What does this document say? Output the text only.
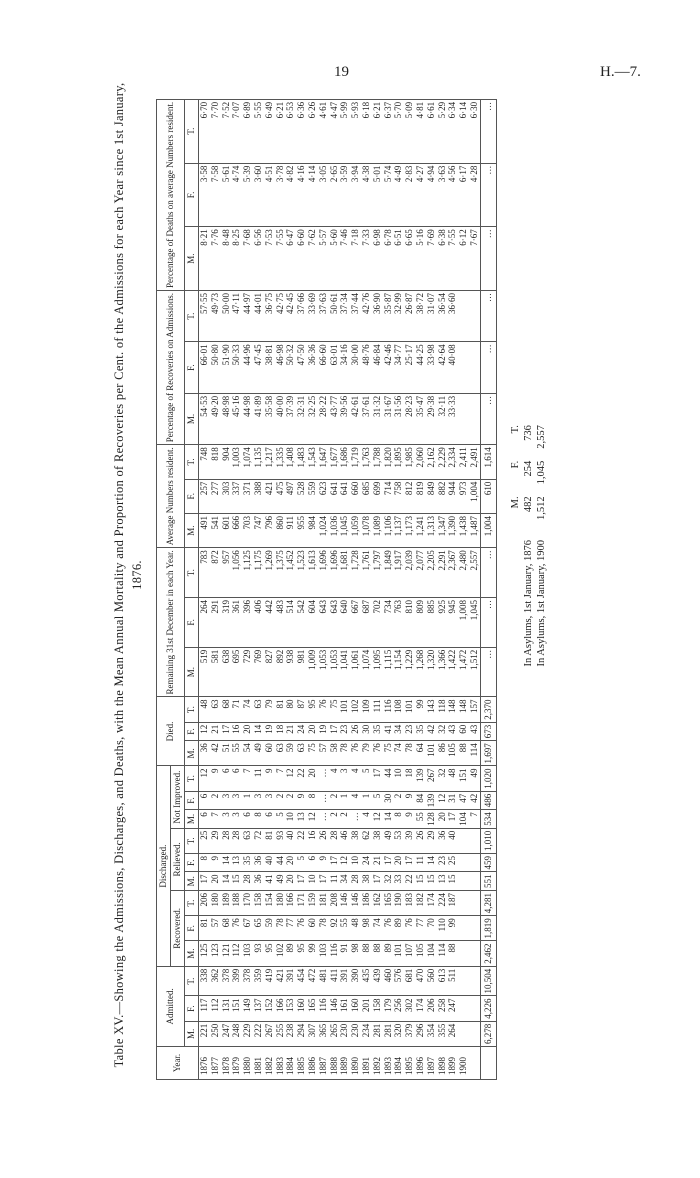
19	H.—7.
Table XV.—Showing the Admissions, Discharges, and Deaths, with the Mean Annual Mortality and Proportion of Recoveries per Cent. of the Admissions for each Year since 1st January, 1876.
Year.	Admitted.			Discharged.									Died.			Remaining 31st December in each Year.			Average Numbers resident.			Percentage of Recoveries on Admissions.			Percentage of Deaths on average Numbers resident.		
				Recovered.			Relieved.			Not Improved.																	
	M.	F.	T.	M.	F.	T.	M.	F.	T.	M.	F.	T.	M.	F.	T.	M.	F.	T.	M.	F.	T.	M.	F.	T.	M.	F.	T.
1876	221	117	338	125	81	206	17	8	25	6	6	12	36	12	48	519	264	783	491	257	748	54·53	66·01	57·55	8·21	3·58	6·70
1877	250	112	362	123	57	180	20	9	29	7	2	9	42	21	63	581	291	872	541	277	818	49·20	50·80	49·73	7·76	7·58	7·70
1878	247	131	378	121	68	189	14	14	28	3	3	6	51	17	68	638	319	957	601	303	904	48·98	51·90	50·00	8·48	5·61	7·52
1879	248	151	399	112	76	188	15	13	28	3	3	6	55	16	71	695	361	1,056	666	337	1,003	45·16	50·33	47·11	8·25	4·74	7·07
1880	229	149	378	103	67	170	28	35	63	6	1	7	54	20	74	729	396	1,125	703	371	1,074	44·98	44·96	44·97	7·68	5·39	6·89
1881	222	137	359	93	65	158	36	36	72	8	3	11	49	14	63	769	406	1,175	747	388	1,135	41·89	47·45	44·01	6·56	3·60	5·55
1882	267	152	419	95	59	154	41	40	81	6	3	9	60	19	79	827	442	1,269	796	421	1,217	35·58	38·81	36·75	7·53	4·51	6·49
1883	255	166	421	102	78	180	49	44	93	5	2	7	63	18	81	892	483	1,375	860	475	1,335	40·00	46·98	42·75	7·55	3·78	6·21
1884	238	153	391	89	77	166	20	20	40	10	2	12	59	21	80	938	514	1,452	911	497	1,408	37·39	50·32	42·45	6·47	4·82	6·53
1885	294	160	454	95	76	171	17	5	22	13	9	22	63	24	87	981	542	1,523	955	528	1,483	32·31	47·50	37·66	6·60	4·16	6·36
1886	307	165	472	99	60	159	10	6	16	12	8	20	75	20	95	1,009	604	1,613	984	559	1,543	32·25	36·36	33·69	7·62	4·14	6·26
1887	365	116	481	103	78	181	17	9	26	…	…	…	57	19	76	1,053	643	1,696	1,024	623	1,647	28·22	66·60	37·63	5·57	3·05	4·61
1888	265	146	411	116	92	208	11	17	28	2	2	4	58	17	75	1,053	643	1,696	1,036	641	1,677	43·77	63·01	50·61	5·60	2·65	4·47
1889	230	161	391	91	55	146	34	12	46	2	1	3	78	23	101	1,041	640	1,681	1,045	641	1,686	39·56	34·16	37·34	7·46	3·59	5·99
1890	230	160	390	98	48	146	28	10	38	…	4	4	76	26	102	1,061	667	1,728	1,059	660	1,719	42·61	30·00	37·44	7·18	3·94	5·93
1891	234	201	435	88	98	186	38	24	62	4	1	5	79	30	109	1,074	687	1,761	1,078	685	1,763	37·61	48·76	42·76	7·33	4·38	6·18
1892	281	158	439	88	74	162	17	21	38	12	5	17	76	35	111	1,095	702	1,797	1,089	699	1,788	31·32	46·84	36·90	6·98	5·01	6·21
1893	281	179	460	89	76	165	32	17	49	14	30	44	75	41	116	1,115	734	1,849	1,106	714	1,820	31·67	42·46	35·87	6·78	5·74	6·37
1894	320	256	576	101	89	190	33	20	53	8	2	10	74	34	108	1,154	763	1,917	1,137	758	1,895	31·56	34·77	32·99	6·51	4·49	5·70
1895	379	302	681	107	76	183	22	17	39	9	9	18	78	23	101	1,229	810	2,039	1,173	812	1,985	28·23	25·17	26·87	6·65	2·83	5·09
1896	296	174	470	105	77	182	15	11	26	55	84	139	64	35	99	1,268	809	2,077	1,241	819	2,060	35·47	44·25	38·72	5·16	4·27	4·81
1897	354	206	560	104	70	174	15	14	29	128	139	267	101	42	143	1,320	885	2,205	1,313	849	2,162	29·38	33·98	31·07	7·69	4·94	6·61
1898	355	258	613	114	110	224	13	23	36	20	12	32	86	32	118	1,366	925	2,291	1,347	882	2,229	32·11	42·64	36·54	6·38	3·63	5·29
1899	264	247	511	88	99	187	15	25	40	17	31	48	105	43	148	1,422	945	2,367	1,390	944	2,334	33·33	40·08	36·60	7·55	4·56	6·34
1900										104	47	151	88	60	148	1,472	1,008	2,480	1,438	973	2,411				6·12	6·17	6·14
										7	42	49	114	43	157	1,512	1,045	2,557	1,487	1,004	2,491				7·67	4·28	6·30
	6,278	4,226	10,504	2,462	1,819	4,281	551	459	1,010	534	486	1,020	1,697	673	2,370	…	…	…	1,004	610	1,614	…	…	…	…	…	…

In Asylums, 1st January, 1876 In Asylums, 1st January, 1900
M. 482 1,512
F. 254 1,045
T. 736 2,557
